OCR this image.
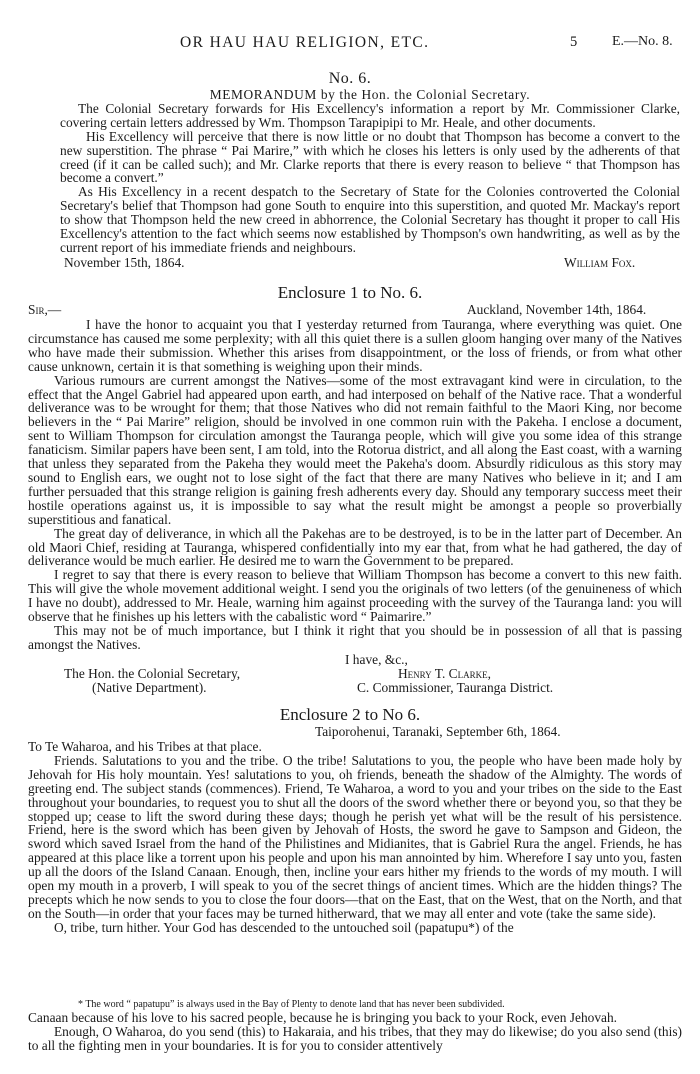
OR HAU HAU RELIGION, ETC.	5 E.—No. 8.
No. 6.

MEMORANDUM by the Hon. the Colonial Secretary.

The Colonial Secretary forwards for His Excellency's information a report by Mr. Commissioner Clarke, covering certain letters addressed by Wm. Thompson Tarapipipi to Mr. Heale, and other documents.

His Excellency will perceive that there is now little or no doubt that Thompson has become a convert to the new superstition. The phrase “ Pai Marire,” with which he closes his letters is only used by the adherents of that creed (if it can be called such); and Mr. Clarke reports that there is every reason to believe “ that Thompson has become a convert.”

As His Excellency in a recent despatch to the Secretary of State for the Colonies controverted the Colonial Secretary's belief that Thompson had gone South to enquire into this superstition, and quoted Mr. Mackay's report to show that Thompson held the new creed in abhorrence, the Colonial Secretary has thought it proper to call His Excellency's attention to the fact which seems now established by Thompson's own handwriting, as well as by the current report of his immediate friends and neighbours.

November 15th, 1864.	William Fox.
Enclosure 1 to No. 6.
Sir,—	Auckland, November 14th, 1864.

I have the honor to acquaint you that I yesterday returned from Tauranga, where everything was quiet. One circumstance has caused me some perplexity; with all this quiet there is a sullen gloom hanging over many of the Natives who have made their submission. Whether this arises from disappointment, or the loss of friends, or from what other cause unknown, certain it is that something is weighing upon their minds.

Various rumours are current amongst the Natives—some of the most extravagant kind were in circulation, to the effect that the Angel Gabriel had appeared upon earth, and had interposed on behalf of the Native race. That a wonderful deliverance was to be wrought for them; that those Natives who did not remain faithful to the Maori King, nor become believers in the “ Pai Marire” religion, should be involved in one common ruin with the Pakeha. I enclose a document, sent to William Thompson for circulation amongst the Tauranga people, which will give you some idea of this strange fanaticism. Similar papers have been sent, I am told, into the Rotorua district, and all along the East coast, with a warning that unless they separated from the Pakeha they would meet the Pakeha's doom. Absurdly ridiculous as this story may sound to English ears, we ought not to lose sight of the fact that there are many Natives who believe in it; and I am further persuaded that this strange religion is gaining fresh adherents every day. Should any temporary success meet their hostile operations against us, it is impossible to say what the result might be amongst a people so proverbially superstitious and fanatical.

The great day of deliverance, in which all the Pakehas are to be destroyed, is to be in the latter part of December. An old Maori Chief, residing at Tauranga, whispered confidentially into my ear that, from what he had gathered, the day of deliverance would be much earlier. He desired me to warn the Government to be prepared.

I regret to say that there is every reason to believe that William Thompson has become a convert to this new faith. This will give the whole movement additional weight. I send you the originals of two letters (of the genuineness of which I have no doubt), addressed to Mr. Heale, warning him against proceeding with the survey of the Tauranga land: you will observe that he finishes up his letters with the cabalistic word “ Paimarire.”

This may not be of much importance, but I think it right that you should be in possession of all that is passing amongst the Natives.

I have, &c.,
The Hon. the Colonial Secretary,	Henry T. Clarke,
(Native Department).	C. Commissioner, Tauranga District.
Enclosure 2 to No 6.
Taiporohenui, Taranaki, September 6th, 1864.

To Te Waharoa, and his Tribes at that place.

Friends. Salutations to you and the tribe. O the tribe! Salutations to you, the people who have been made holy by Jehovah for His holy mountain. Yes! salutations to you, oh friends, beneath the shadow of the Almighty. The words of greeting end. The subject stands (commences). Friend, Te Waharoa, a word to you and your tribes on the side to the East throughout your boundaries, to request you to shut all the doors of the sword whether there or beyond you, so that they be stopped up; cease to lift the sword during these days; though he perish yet what will be the result of his persistence. Friend, here is the sword which has been given by Jehovah of Hosts, the sword he gave to Sampson and Gideon, the sword which saved Israel from the hand of the Philistines and Midianites, that is Gabriel Rura the angel. Friends, he has appeared at this place like a torrent upon his people and upon his man annointed by him. Wherefore I say unto you, fasten up all the doors of the Island Canaan. Enough, then, incline your ears hither my friends to the words of my mouth. I will open my mouth in a proverb, I will speak to you of the secret things of ancient times. Which are the hidden things? The precepts which he now sends to you to close the four doors—that on the East, that on the West, that on the North, and that on the South—in order that your faces may be turned hitherward, that we may all enter and vote (take the same side).

O, tribe, turn hither. Your God has descended to the untouched soil (papatupu*) of the

* The word “ papatupu” is always used in the Bay of Plenty to denote land that has never been subdivided.

Canaan because of his love to his sacred people, because he is bringing you back to your Rock, even Jehovah.

Enough, O Waharoa, do you send (this) to Hakaraia, and his tribes, that they may do likewise; do you also send (this) to all the fighting men in your boundaries. It is for you to consider attentively
